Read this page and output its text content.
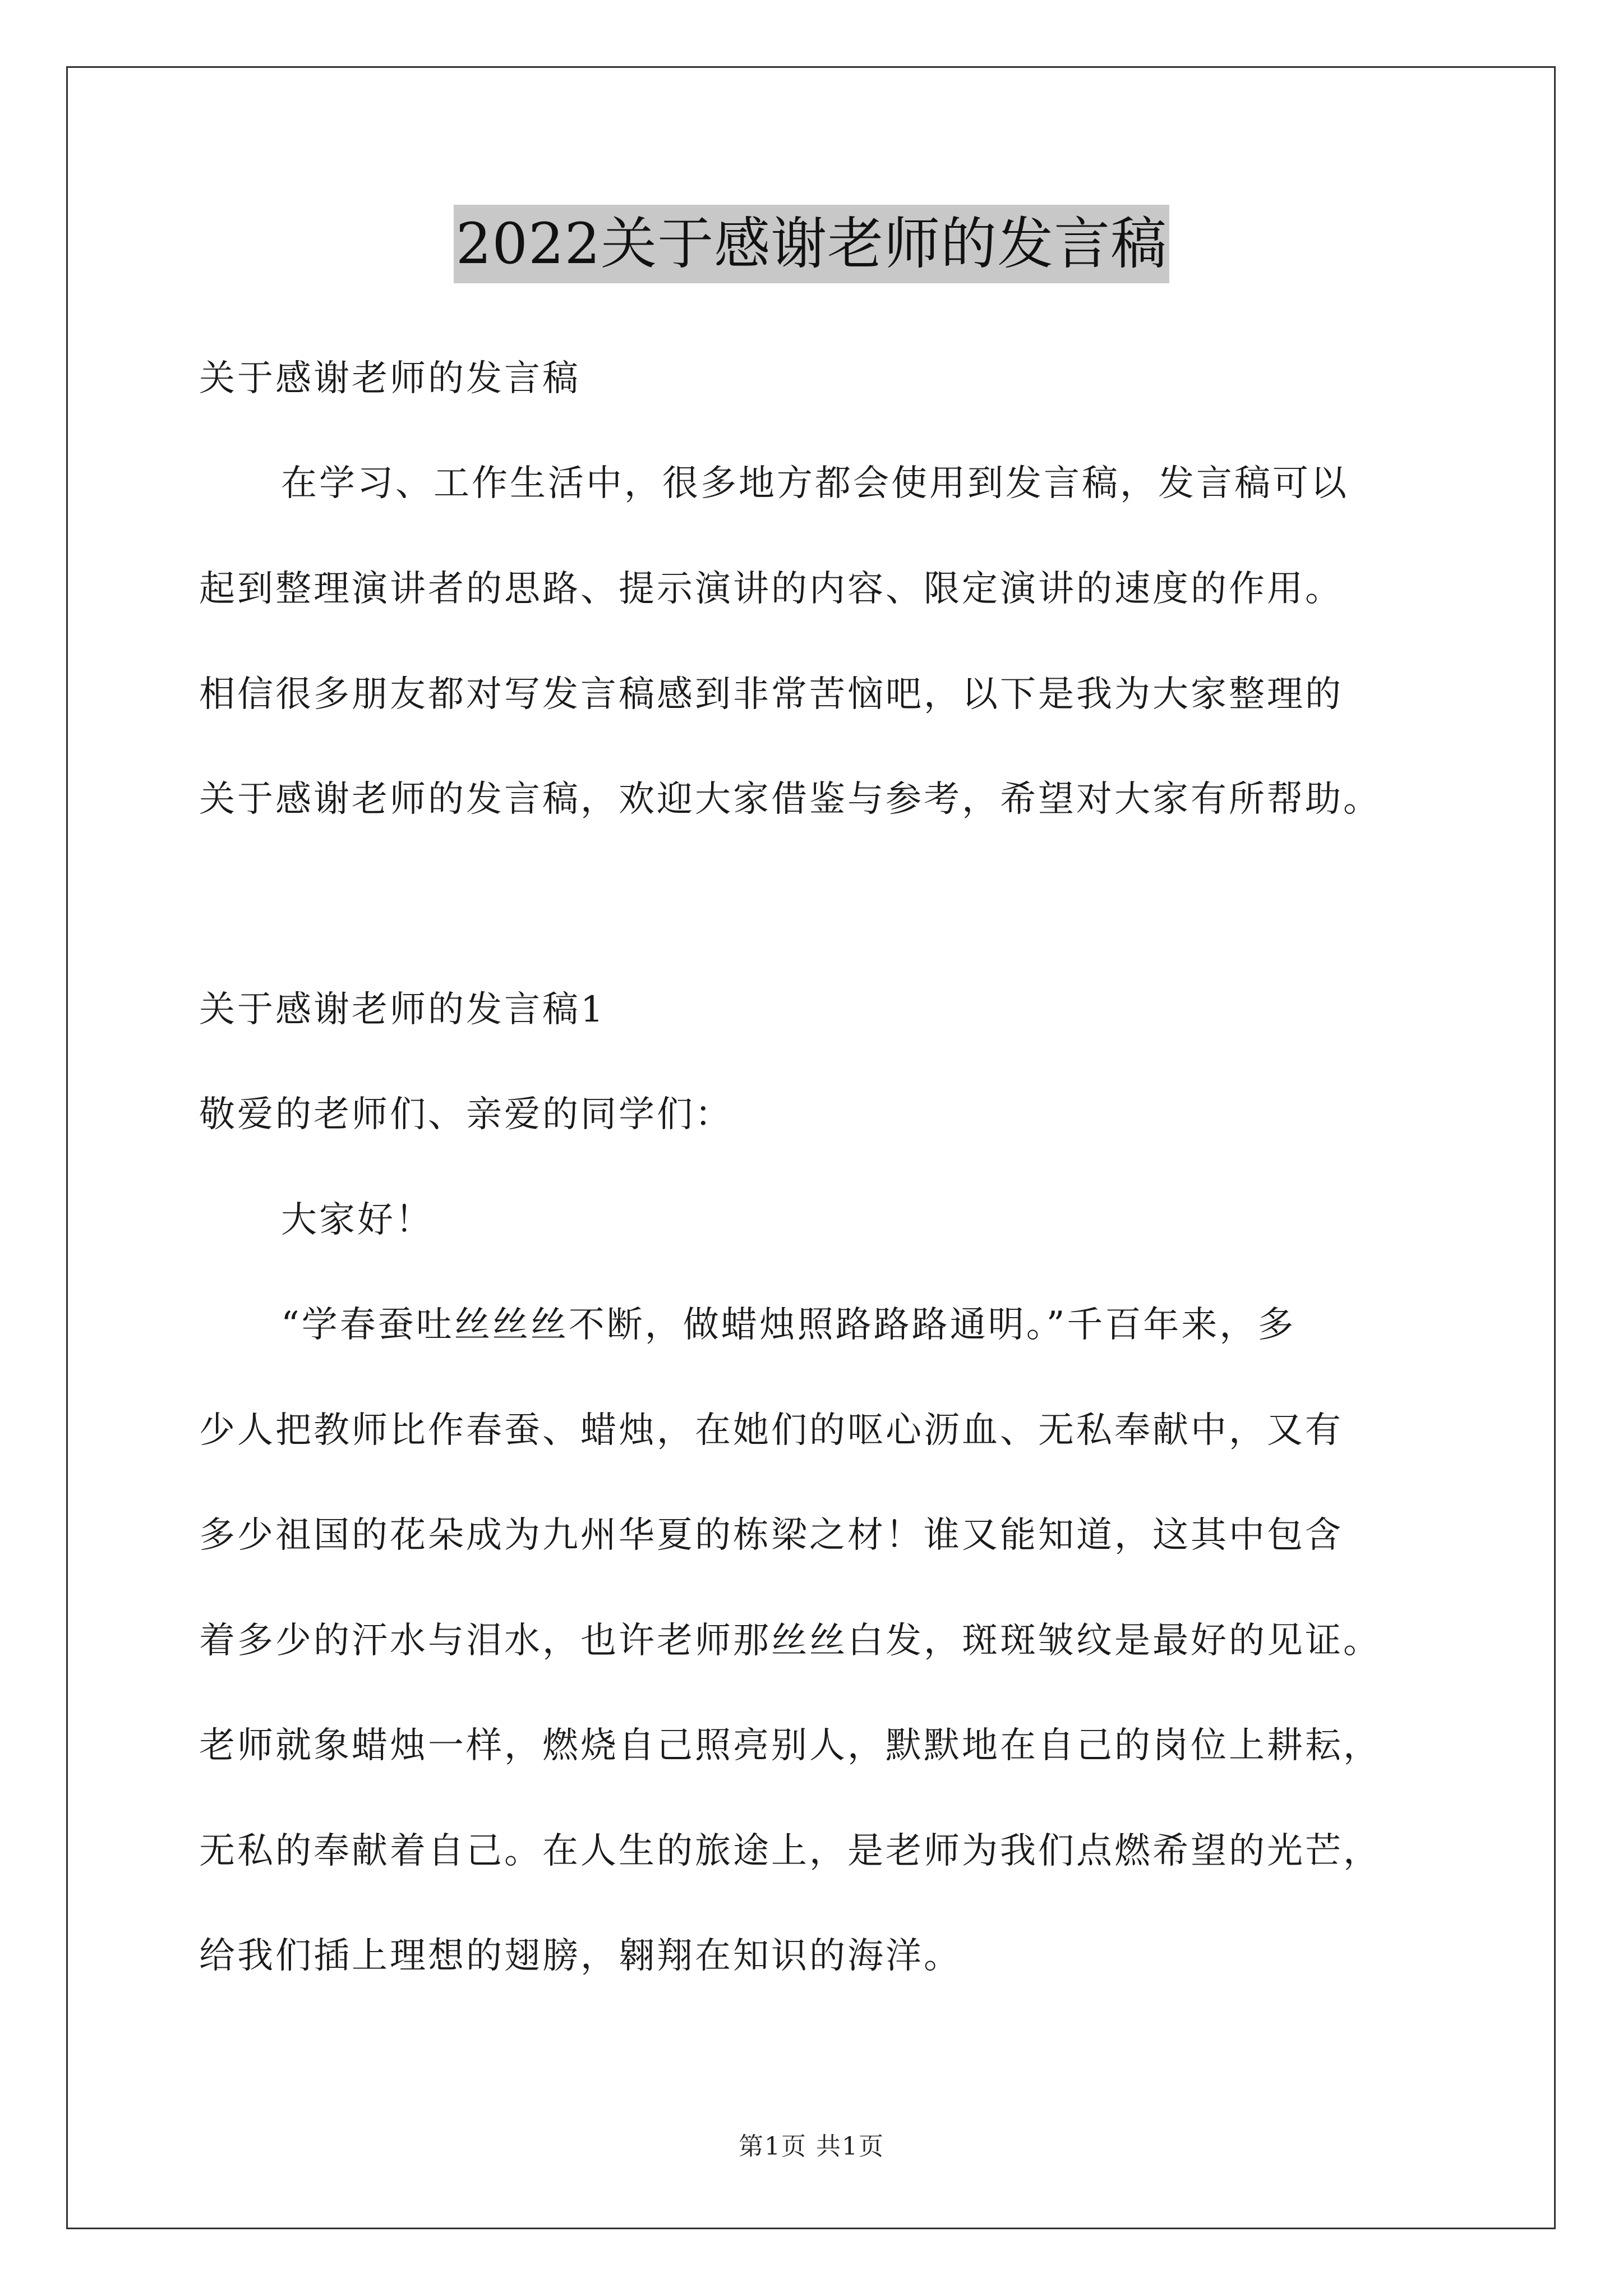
2022关于感谢老师的发言稿
关于感谢老师的发言稿
在学习、工作生活中，很多地方都会使用到发言稿，发言稿可以
起到整理演讲者的思路、提示演讲的内容、限定演讲的速度的作用。
相信很多朋友都对写发言稿感到非常苦恼吧，以下是我为大家整理的
关于感谢老师的发言稿，欢迎大家借鉴与参考，希望对大家有所帮助。
关于感谢老师的发言稿1
敬爱的老师们、亲爱的同学们：
大家好！
“学春蚕吐丝丝丝不断，做蜡烛照路路路通明。”千百年来，多
少人把教师比作春蚕、蜡烛，在她们的呕心沥血、无私奉献中，又有
多少祖国的花朵成为九州华夏的栋梁之材！谁又能知道，这其中包含
着多少的汗水与泪水，也许老师那丝丝白发，斑斑皱纹是最好的见证。
老师就象蜡烛一样，燃烧自己照亮别人，默默地在自己的岗位上耕耘，
无私的奉献着自己。在人生的旅途上，是老师为我们点燃希望的光芒，
给我们插上理想的翅膀，翱翔在知识的海洋。
第1页 共1页
